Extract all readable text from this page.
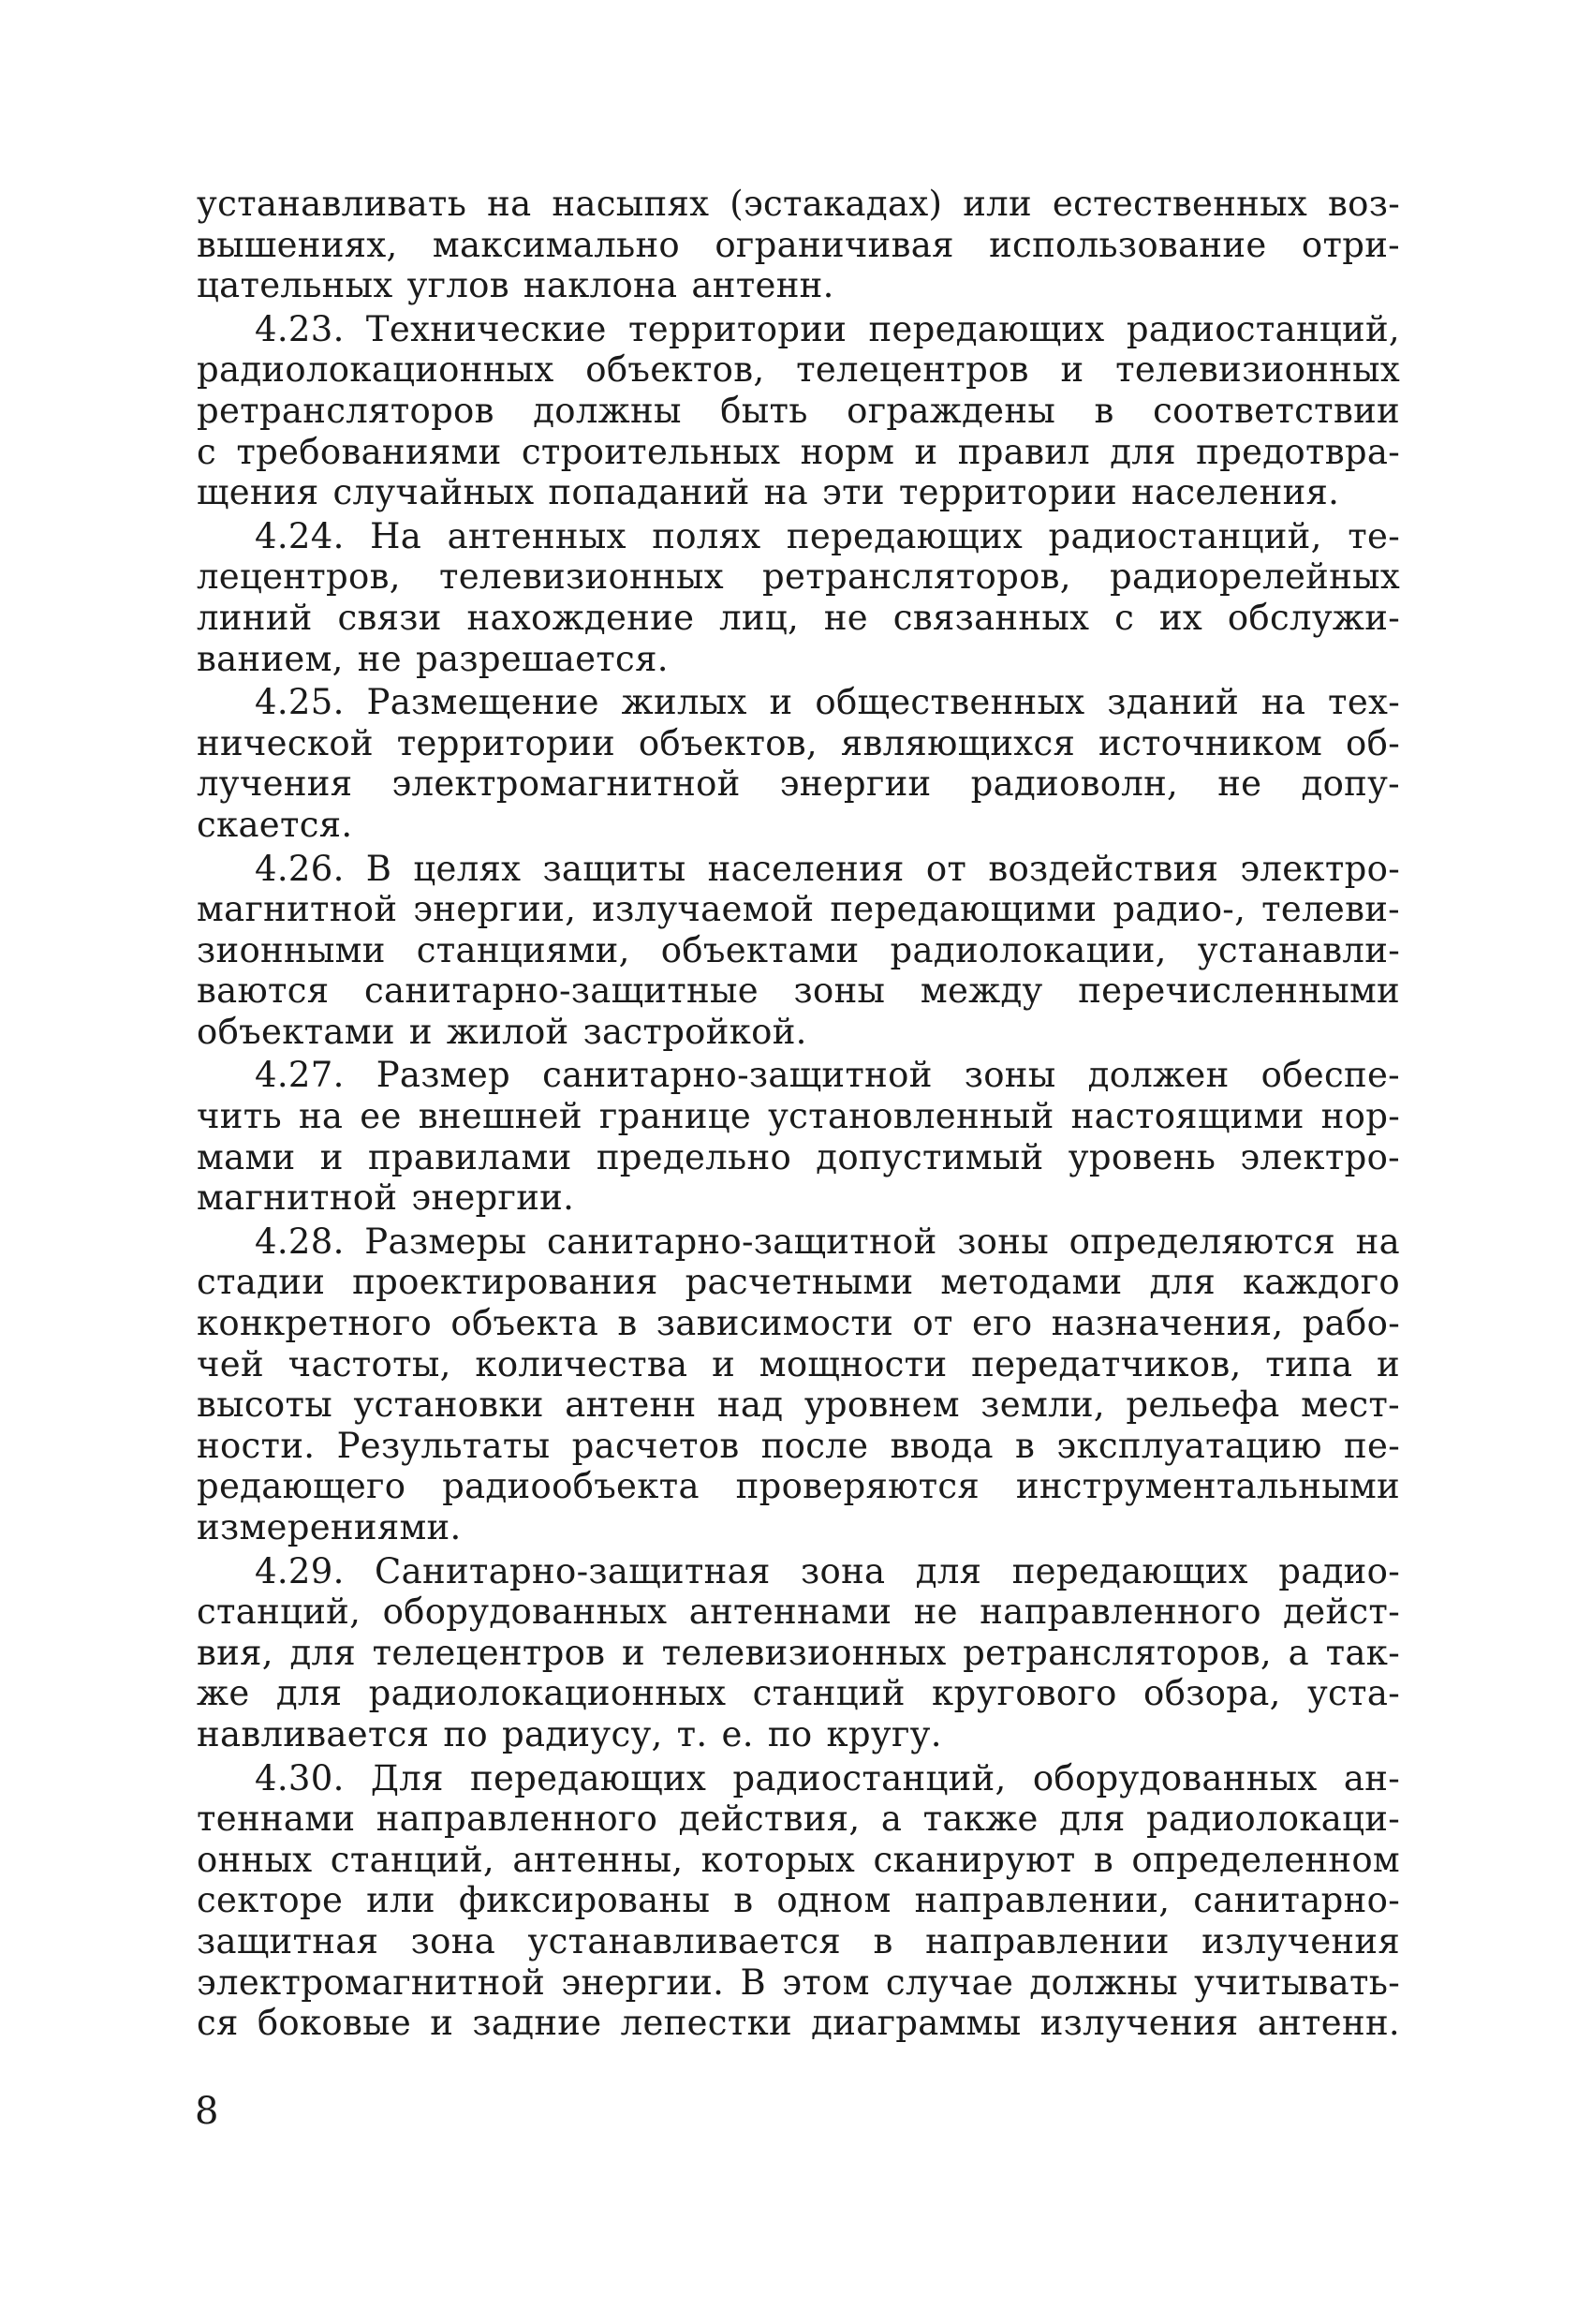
устанавливать на насыпях (эстакадах) или естественных воз-
вышениях, максимально ограничивая использование отри-
цательных углов наклона антенн.
4.23. Технические территории передающих радиостанций,
радиолокационных объектов, телецентров и телевизионных
ретрансляторов должны быть ограждены в соответствии
с требованиями строительных норм и правил для предотвра-
щения случайных попаданий на эти территории населения.
4.24. На антенных полях передающих радиостанций, те-
лецентров, телевизионных ретрансляторов, радиорелейных
линий связи нахождение лиц, не связанных с их обслужи-
ванием, не разрешается.
4.25. Размещение жилых и общественных зданий на тех-
нической территории объектов, являющихся источником об-
лучения электромагнитной энергии радиоволн, не допу-
скается.
4.26. В целях защиты населения от воздействия электро-
магнитной энергии, излучаемой передающими радио-, телеви-
зионными станциями, объектами радиолокации, устанавли-
ваются санитарно-защитные зоны между перечисленными
объектами и жилой застройкой.
4.27. Размер санитарно-защитной зоны должен обеспе-
чить на ее внешней границе установленный настоящими нор-
мами и правилами предельно допустимый уровень электро-
магнитной энергии.
4.28. Размеры санитарно-защитной зоны определяются на
стадии проектирования расчетными методами для каждого
конкретного объекта в зависимости от его назначения, рабо-
чей частоты, количества и мощности передатчиков, типа и
высоты установки антенн над уровнем земли, рельефа мест-
ности. Результаты расчетов после ввода в эксплуатацию пе-
редающего радиообъекта проверяются инструментальными
измерениями.
4.29. Санитарно-защитная зона для передающих радио-
станций, оборудованных антеннами не направленного дейст-
вия, для телецентров и телевизионных ретрансляторов, а так-
же для радиолокационных станций кругового обзора, уста-
навливается по радиусу, т. е. по кругу.
4.30. Для передающих радиостанций, оборудованных ан-
теннами направленного действия, а также для радиолокаци-
онных станций, антенны, которых сканируют в определенном
секторе или фиксированы в одном направлении, санитарно-
защитная зона устанавливается в направлении излучения
электромагнитной энергии. В этом случае должны учитывать-
ся боковые и задние лепестки диаграммы излучения антенн.
8
